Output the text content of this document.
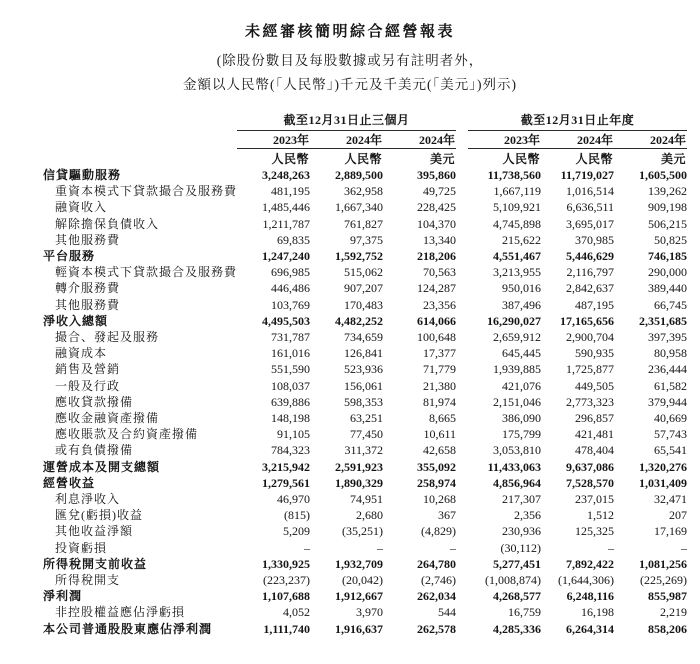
未經審核簡明綜合經營報表
(除股份數目及每股數據或另有註明者外，
金額以人民幣(「人民幣」)千元及千美元(「美元」)列示)
	截至12月31日止三個月				截至12月31日止年度		
	2023年	2024年	2024年		2023年	2024年	2024年
	人民幣	人民幣	美元		人民幣	人民幣	美元
信貸驅動服務	3,248,263	2,889,500	395,860		11,738,560	11,719,027	1,605,500
重資本模式下貸款撮合及服務費	481,195	362,958	49,725		1,667,119	1,016,514	139,262
融資收入	1,485,446	1,667,340	228,425		5,109,921	6,636,511	909,198
解除擔保負債收入	1,211,787	761,827	104,370		4,745,898	3,695,017	506,215
其他服務費	69,835	97,375	13,340		215,622	370,985	50,825
平台服務	1,247,240	1,592,752	218,206		4,551,467	5,446,629	746,185
輕資本模式下貸款撮合及服務費	696,985	515,062	70,563		3,213,955	2,116,797	290,000
轉介服務費	446,486	907,207	124,287		950,016	2,842,637	389,440
其他服務費	103,769	170,483	23,356		387,496	487,195	66,745
淨收入總額	4,495,503	4,482,252	614,066		16,290,027	17,165,656	2,351,685
撮合、發起及服務	731,787	734,659	100,648		2,659,912	2,900,704	397,395
融資成本	161,016	126,841	17,377		645,445	590,935	80,958
銷售及營銷	551,590	523,936	71,779		1,939,885	1,725,877	236,444
一般及行政	108,037	156,061	21,380		421,076	449,505	61,582
應收貸款撥備	639,886	598,353	81,974		2,151,046	2,773,323	379,944
應收金融資產撥備	148,198	63,251	8,665		386,090	296,857	40,669
應收賬款及合約資產撥備	91,105	77,450	10,611		175,799	421,481	57,743
或有負債撥備	784,323	311,372	42,658		3,053,810	478,404	65,541
運營成本及開支總額	3,215,942	2,591,923	355,092		11,433,063	9,637,086	1,320,276
經營收益	1,279,561	1,890,329	258,974		4,856,964	7,528,570	1,031,409
利息淨收入	46,970	74,951	10,268		217,307	237,015	32,471
匯兌(虧損)收益	(815)	2,680	367		2,356	1,512	207
其他收益淨額	5,209	(35,251)	(4,829)		230,936	125,325	17,169
投資虧損	–	–	–		(30,112)	–	–
所得稅開支前收益	1,330,925	1,932,709	264,780		5,277,451	7,892,422	1,081,256
所得稅開支	(223,237)	(20,042)	(2,746)		(1,008,874)	(1,644,306)	(225,269)
淨利潤	1,107,688	1,912,667	262,034		4,268,577	6,248,116	855,987
非控股權益應佔淨虧損	4,052	3,970	544		16,759	16,198	2,219
本公司普通股股東應佔淨利潤	1,111,740	1,916,637	262,578		4,285,336	6,264,314	858,206
